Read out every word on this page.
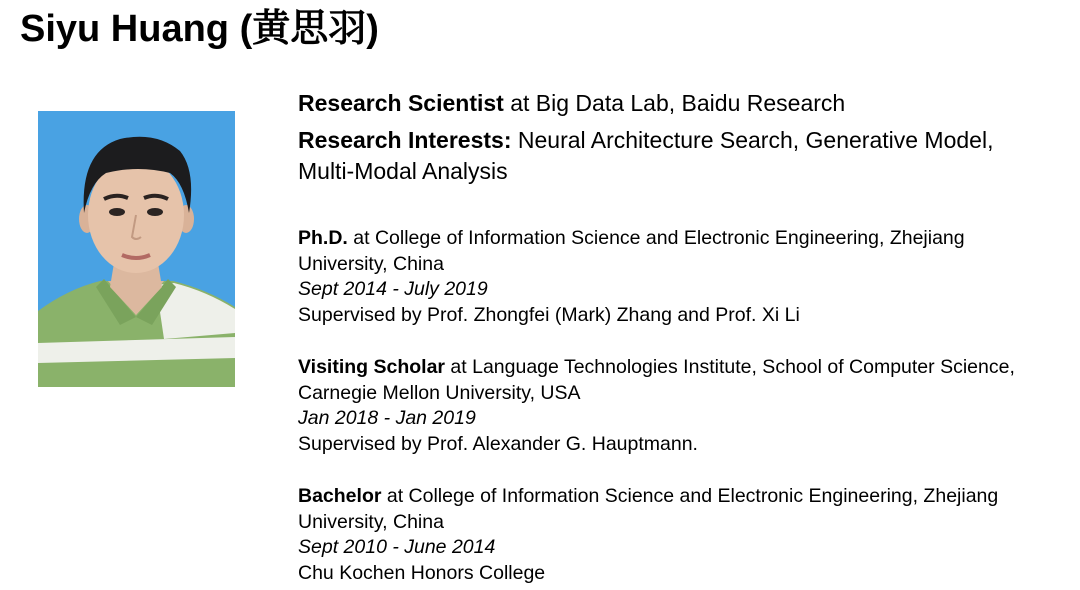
Siyu Huang (黄思羽)

Research Scientist at Big Data Lab, Baidu Research

Research Interests: Neural Architecture Search, Generative Model, Multi-Modal Analysis

Ph.D. at College of Information Science and Electronic Engineering, Zhejiang University, China
Sept 2014 - July 2019
Supervised by Prof. Zhongfei (Mark) Zhang and Prof. Xi Li

Visiting Scholar at Language Technologies Institute, School of Computer Science, Carnegie Mellon University, USA
Jan 2018 - Jan 2019
Supervised by Prof. Alexander G. Hauptmann.

Bachelor at College of Information Science and Electronic Engineering, Zhejiang University, China
Sept 2010 - June 2014
Chu Kochen Honors College
